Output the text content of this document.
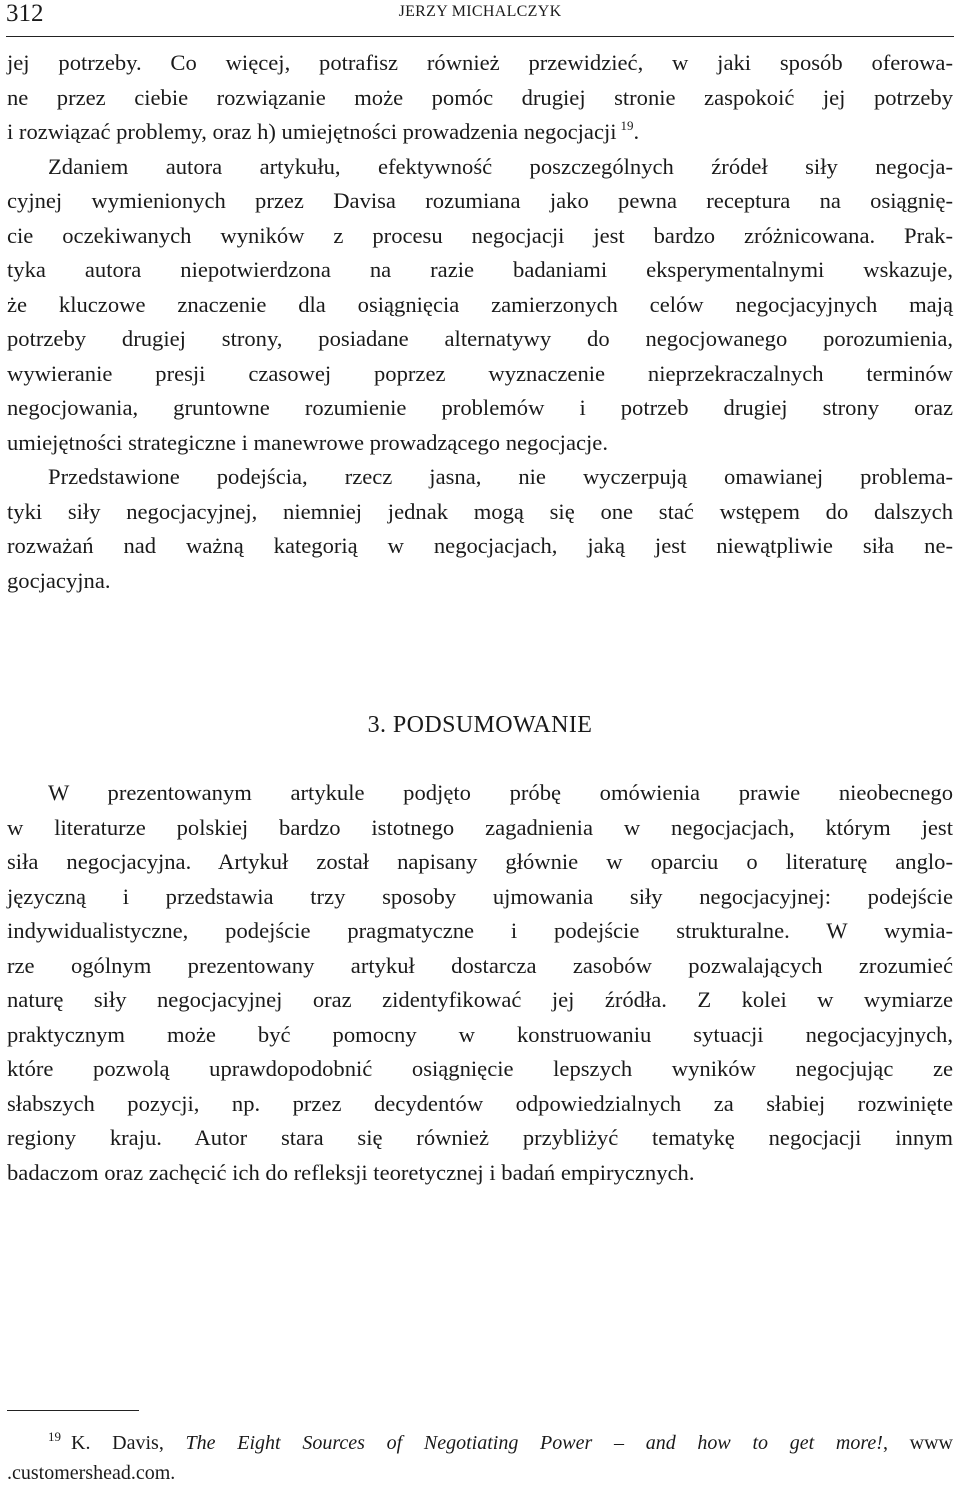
312	JERZY MICHALCZYK
jej potrzeby. Co więcej, potrafisz również przewidzieć, w jaki sposób oferowa-
ne przez ciebie rozwiązanie może pomóc drugiej stronie zaspokoić jej potrzeby
i rozwiązać problemy, oraz h) umiejętności prowadzenia negocjacji $^{19}$.
Zdaniem autora artykułu, efektywność poszczególnych źródeł siły negocja-
cyjnej wymienionych przez Davisa rozumiana jako pewna receptura na osiągnię-
cie oczekiwanych wyników z procesu negocjacji jest bardzo zróżnicowana. Prak-
tyka autora niepotwierdzona na razie badaniami eksperymentalnymi wskazuje,
że kluczowe znaczenie dla osiągnięcia zamierzonych celów negocjacyjnych mają
potrzeby drugiej strony, posiadane alternatywy do negocjowanego porozumienia,
wywieranie presji czasowej poprzez wyznaczenie nieprzekraczalnych terminów
negocjowania, gruntowne rozumienie problemów i potrzeb drugiej strony oraz
umiejętności strategiczne i manewrowe prowadzącego negocjacje.
Przedstawione podejścia, rzecz jasna, nie wyczerpują omawianej problema-
tyki siły negocjacyjnej, niemniej jednak mogą się one stać wstępem do dalszych
rozważań nad ważną kategorią w negocjacjach, jaką jest niewątpliwie siła ne-
gocjacyjna.
3. PODSUMOWANIE
W prezentowanym artykule podjęto próbę omówienia prawie nieobecnego
w literaturze polskiej bardzo istotnego zagadnienia w negocjacjach, którym jest
siła negocjacyjna. Artykuł został napisany głównie w oparciu o literaturę anglo-
języczną i przedstawia trzy sposoby ujmowania siły negocjacyjnej: podejście
indywidualistyczne, podejście pragmatyczne i podejście strukturalne. W wymia-
rze ogólnym prezentowany artykuł dostarcza zasobów pozwalających zrozumieć
naturę siły negocjacyjnej oraz zidentyfikować jej źródła. Z kolei w wymiarze
praktycznym może być pomocny w konstruowaniu sytuacji negocjacyjnych,
które pozwolą uprawdopodobnić osiągnięcie lepszych wyników negocjując ze
słabszych pozycji, np. przez decydentów odpowiedzialnych za słabiej rozwinięte
regiony kraju. Autor stara się również przybliżyć tematykę negocjacji innym
badaczom oraz zachęcić ich do refleksji teoretycznej i badań empirycznych.
$^{19}$ K. Davis, The Eight Sources of Negotiating Power – and how to get more!, www
.customershead.com.
